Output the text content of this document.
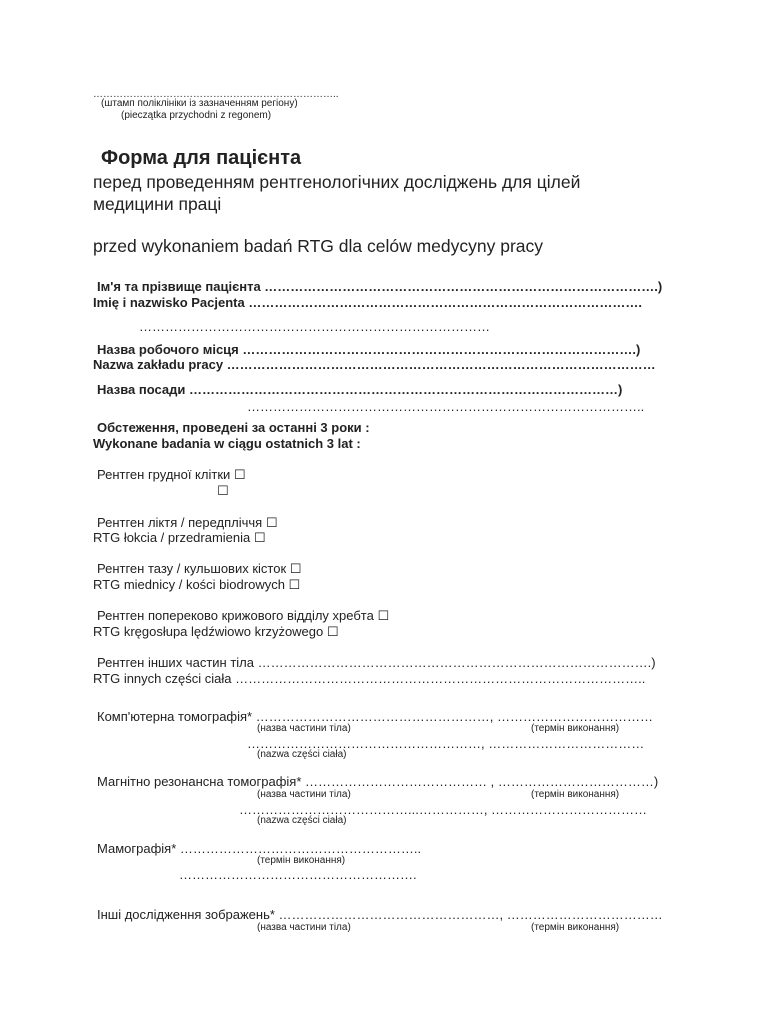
………………………………………………………………..
(штамп поліклініки із зазначенням регіону)
(pieczątka przychodni z regonem)
Форма для пацієнта
перед проведенням рентгенологічних досліджень для цілей медицини праці
przed wykonaniem badań RTG dla celów medycyny pracy
Ім'я та прізвище пацієнта ……………………………………………………………………………….)
Imię i nazwisko Pacjenta ……………………………………………………………………………….
………………………………………………………………………
Назва робочого місця ……………………………………………………………………………….)
Nazwa zakładu pracy ………………………………………………………………………………………
Назва посади ………………………………………………………………………………………)
………………………………………………………………………………..
Обстеження, проведені за останні 3 роки :
Wykonane badania w ciągu ostatnich 3 lat :
Рентген грудної клітки ☐
☐
Рентген ліктя / передпліччя ☐
RTG łokcia / przedramienia ☐
Рентген тазу / кульшових кісток ☐
RTG miednicy / kości biodrowych ☐
Рентген попереково крижового відділу хребта ☐
RTG kręgosłupa lędźwiowo krzyżowego ☐
Рентген інших частин тіла ……………………………………………………………………………….)
RTG innych części ciała …………………………………………………………………………………..
Комп'ютерна томографія* ………………………………………………, ………………………………
(назва частини тіла)	(термін виконання)
………………………………………………, ………………………………
(nazwa części ciała)
Магнітно резонансна томографія* …………………………………… , ………………………………)
(назва частини тіла)	(термін виконання)
…………………………………...……………, ………………………………
(nazwa części ciała)
Мамографія* ………………………………………………..
(термін виконання)
……………………………………………….
Інші дослідження зображень* ……………………………………………, ………………………………
(назва частини тіла)	(термін виконання)
